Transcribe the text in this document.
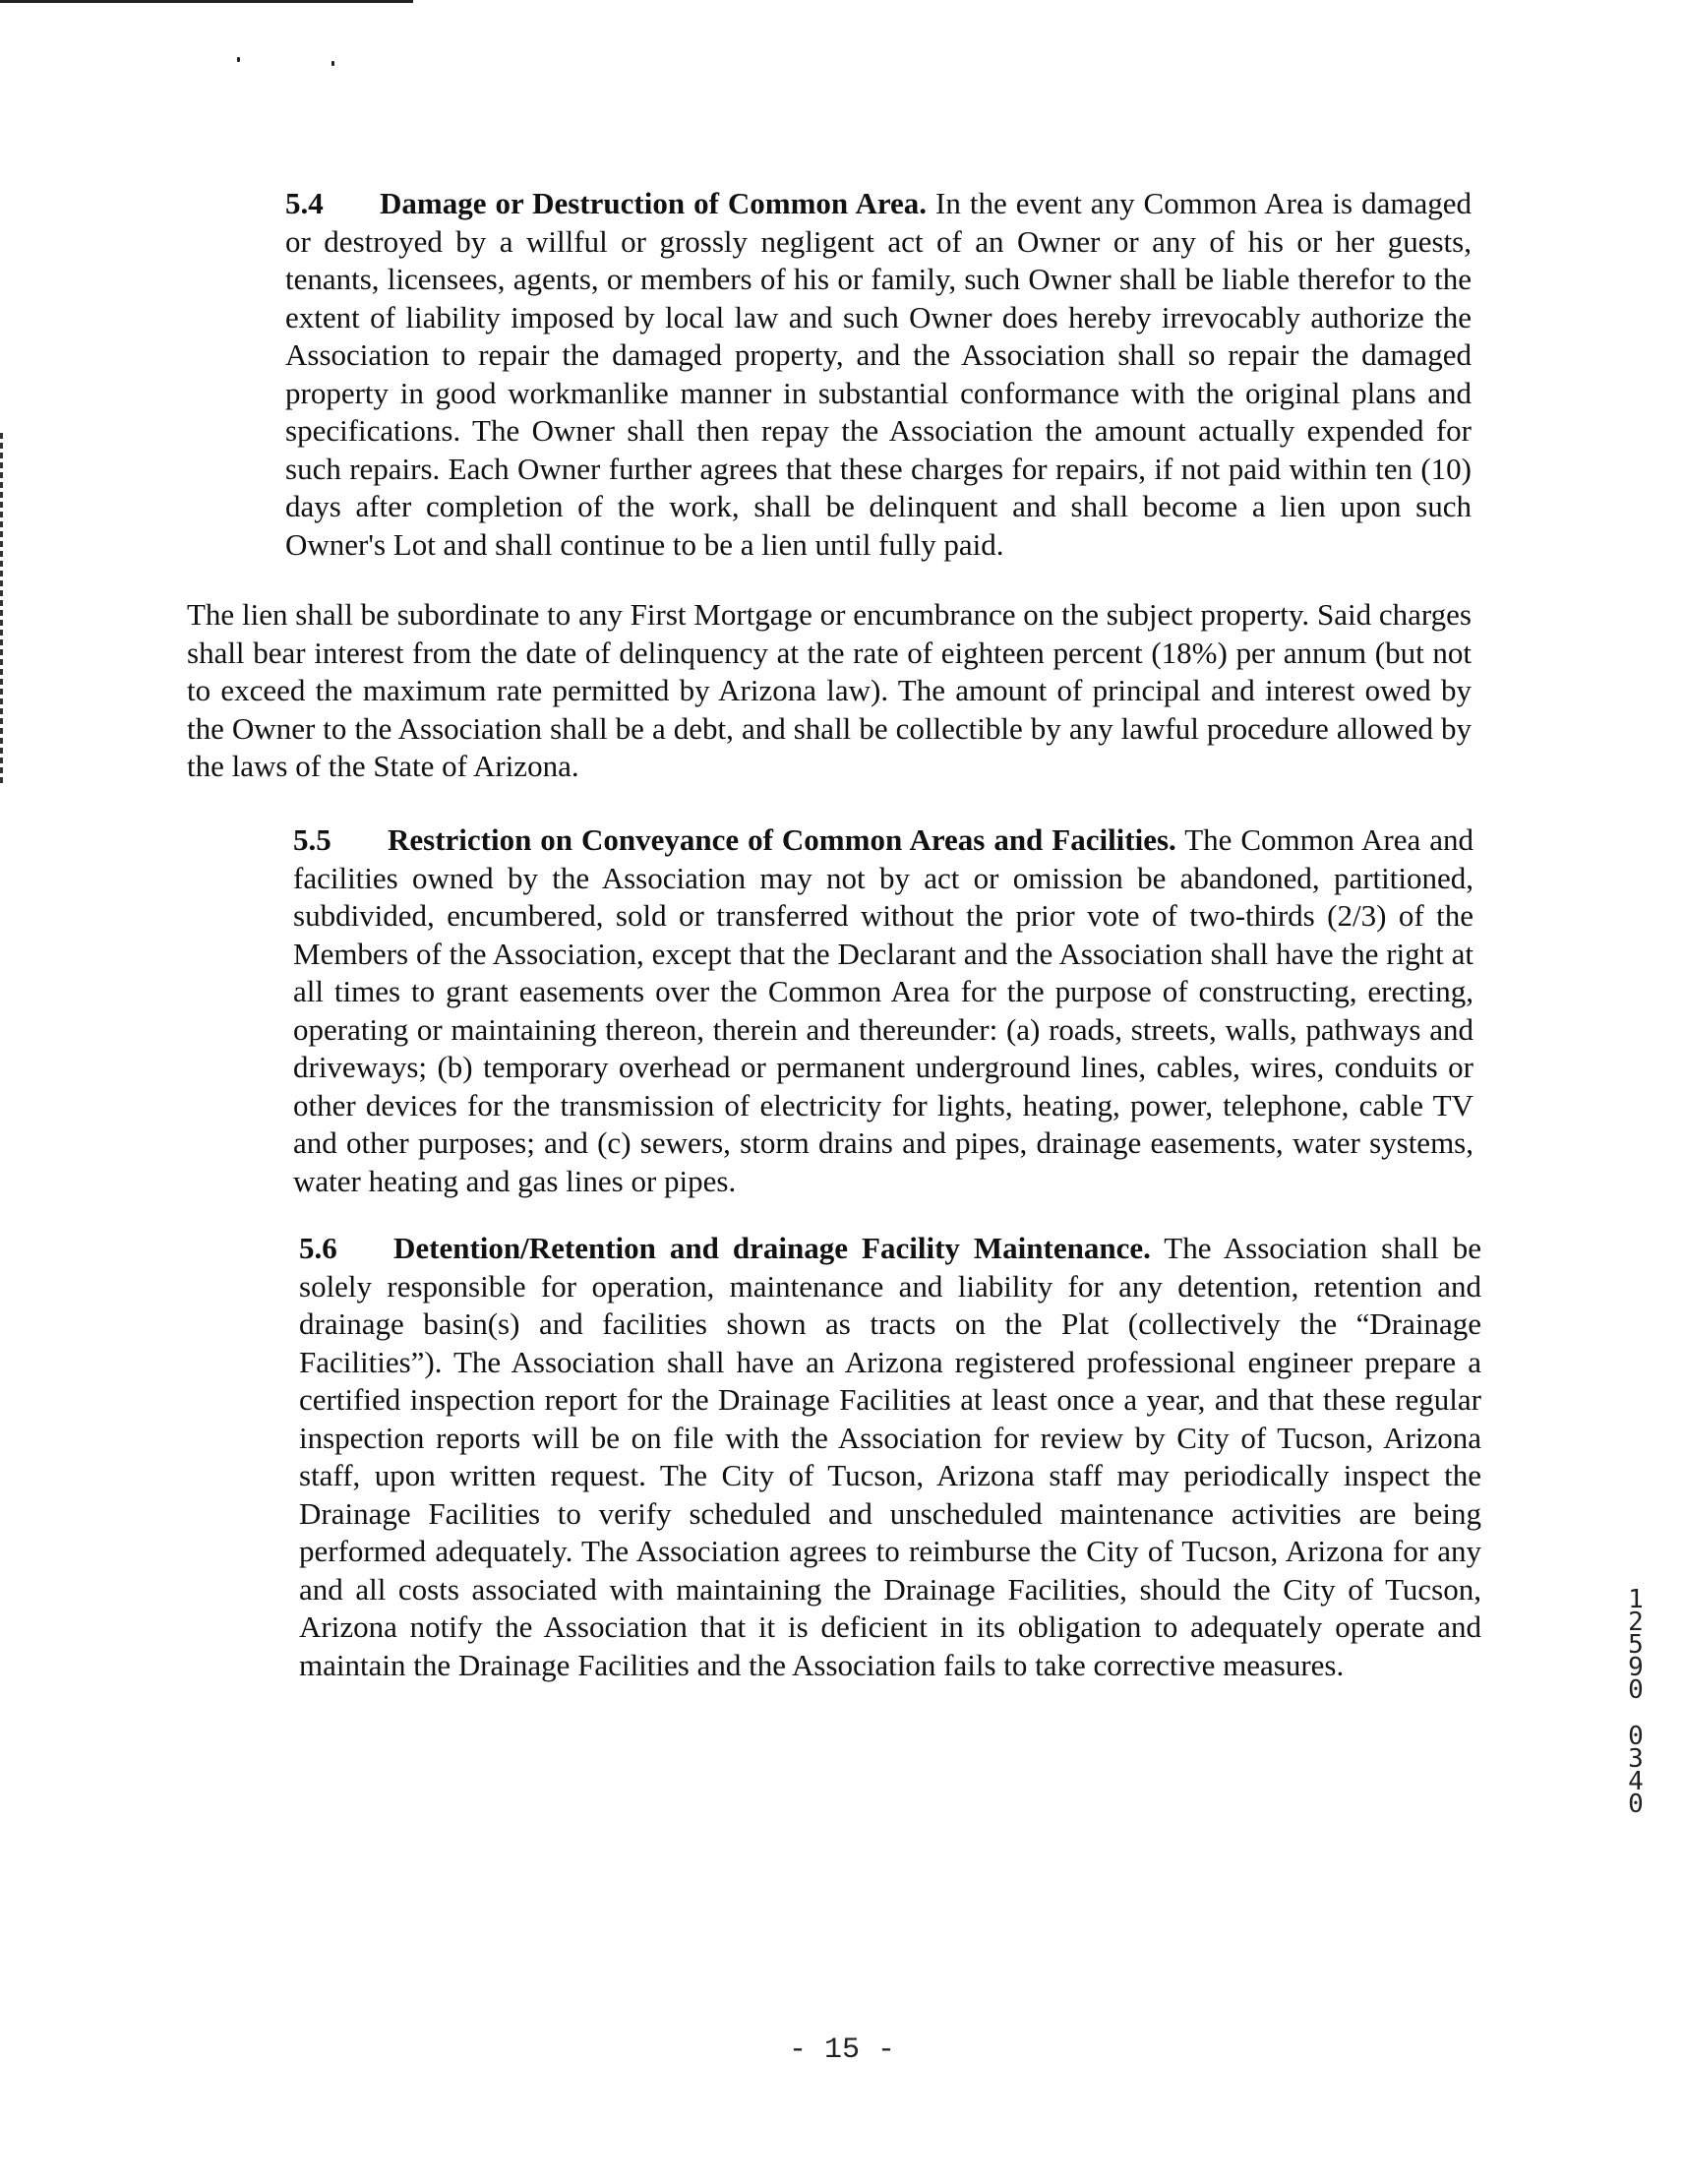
5.4 Damage or Destruction of Common Area. In the event any Common Area is damaged or destroyed by a willful or grossly negligent act of an Owner or any of his or her guests, tenants, licensees, agents, or members of his or family, such Owner shall be liable therefor to the extent of liability imposed by local law and such Owner does hereby irrevocably authorize the Association to repair the damaged property, and the Association shall so repair the damaged property in good workmanlike manner in substantial conformance with the original plans and specifications. The Owner shall then repay the Association the amount actually expended for such repairs. Each Owner further agrees that these charges for repairs, if not paid within ten (10) days after completion of the work, shall be delinquent and shall become a lien upon such Owner's Lot and shall continue to be a lien until fully paid.

The lien shall be subordinate to any First Mortgage or encumbrance on the subject property. Said charges shall bear interest from the date of delinquency at the rate of eighteen percent (18%) per annum (but not to exceed the maximum rate permitted by Arizona law). The amount of principal and interest owed by the Owner to the Association shall be a debt, and shall be collectible by any lawful procedure allowed by the laws of the State of Arizona.

5.5 Restriction on Conveyance of Common Areas and Facilities. The Common Area and facilities owned by the Association may not by act or omission be abandoned, partitioned, subdivided, encumbered, sold or transferred without the prior vote of two-thirds (2/3) of the Members of the Association, except that the Declarant and the Association shall have the right at all times to grant easements over the Common Area for the purpose of constructing, erecting, operating or maintaining thereon, therein and thereunder: (a) roads, streets, walls, pathways and driveways; (b) temporary overhead or permanent underground lines, cables, wires, conduits or other devices for the transmission of electricity for lights, heating, power, telephone, cable TV and other purposes; and (c) sewers, storm drains and pipes, drainage easements, water systems, water heating and gas lines or pipes.

5.6 Detention/Retention and drainage Facility Maintenance. The Association shall be solely responsible for operation, maintenance and liability for any detention, retention and drainage basin(s) and facilities shown as tracts on the Plat (collectively the “Drainage Facilities”). The Association shall have an Arizona registered professional engineer prepare a certified inspection report for the Drainage Facilities at least once a year, and that these regular inspection reports will be on file with the Association for review by City of Tucson, Arizona staff, upon written request. The City of Tucson, Arizona staff may periodically inspect the Drainage Facilities to verify scheduled and unscheduled maintenance activities are being performed adequately. The Association agrees to reimburse the City of Tucson, Arizona for any and all costs associated with maintaining the Drainage Facilities, should the City of Tucson, Arizona notify the Association that it is deficient in its obligation to adequately operate and maintain the Drainage Facilities and the Association fails to take corrective measures.

1
2
5
9
0
0
3
4
0
- 15 -
